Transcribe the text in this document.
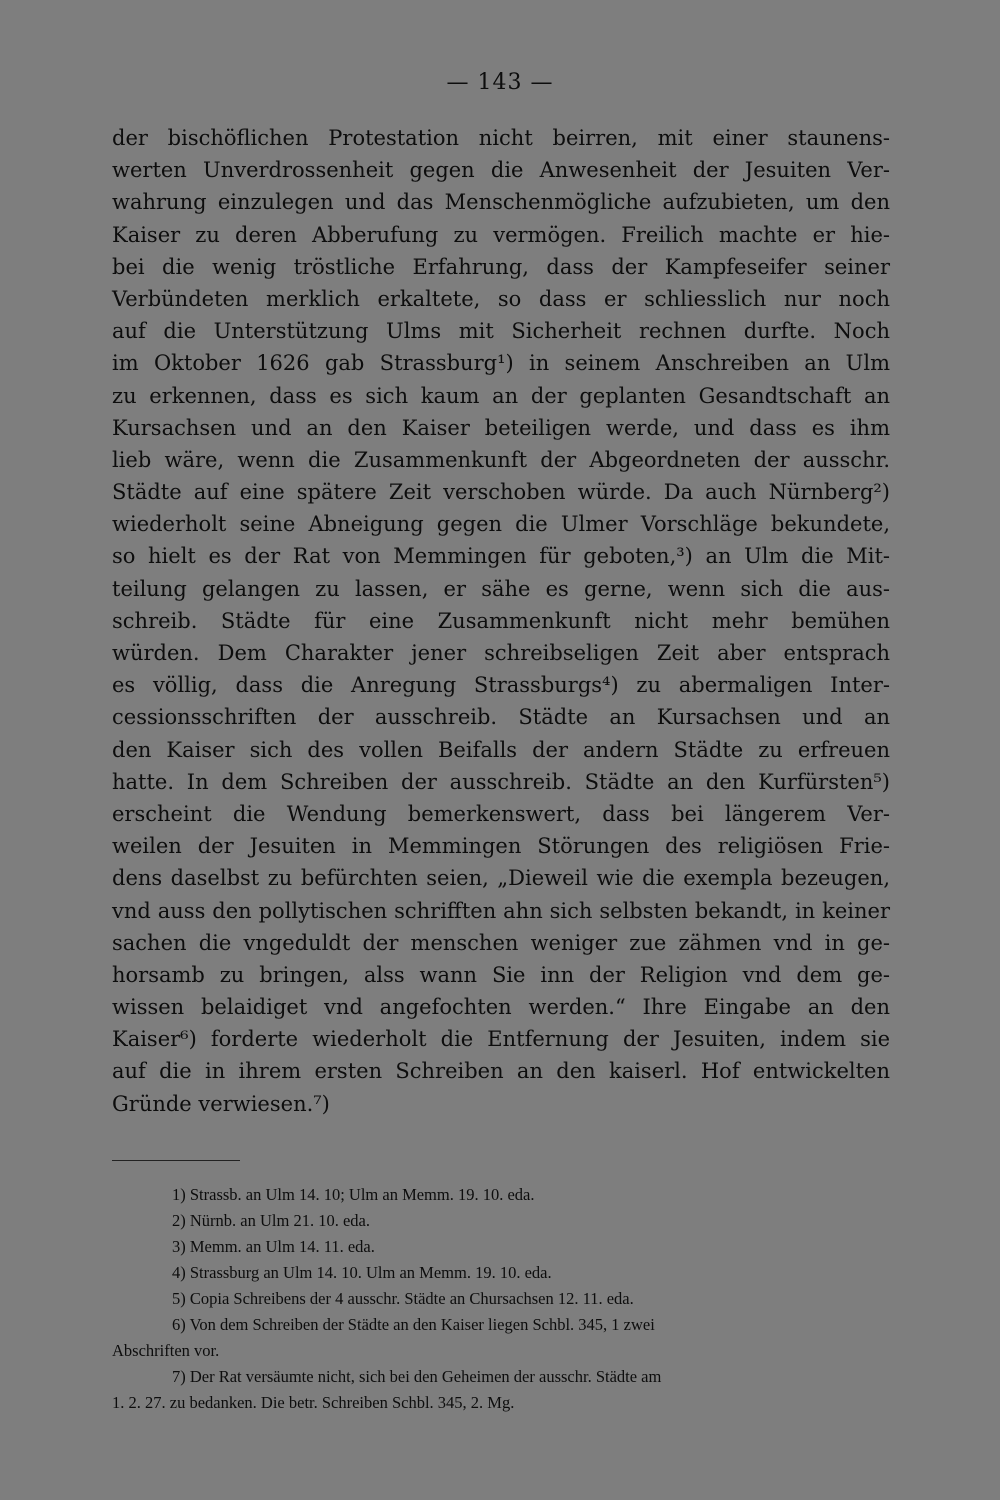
— 143 —
der bischöflichen Protestation nicht beirren, mit einer staunens-
werten Unverdrossenheit gegen die Anwesenheit der Jesuiten Ver-
wahrung einzulegen und das Menschenmögliche aufzubieten, um den
Kaiser zu deren Abberufung zu vermögen. Freilich machte er hie-
bei die wenig tröstliche Erfahrung, dass der Kampfeseifer seiner
Verbündeten merklich erkaltete, so dass er schliesslich nur noch
auf die Unterstützung Ulms mit Sicherheit rechnen durfte. Noch
im Oktober 1626 gab Strassburg¹) in seinem Anschreiben an Ulm
zu erkennen, dass es sich kaum an der geplanten Gesandtschaft an
Kursachsen und an den Kaiser beteiligen werde, und dass es ihm
lieb wäre, wenn die Zusammenkunft der Abgeordneten der ausschr.
Städte auf eine spätere Zeit verschoben würde. Da auch Nürnberg²)
wiederholt seine Abneigung gegen die Ulmer Vorschläge bekundete,
so hielt es der Rat von Memmingen für geboten,³) an Ulm die Mit-
teilung gelangen zu lassen, er sähe es gerne, wenn sich die aus-
schreib. Städte für eine Zusammenkunft nicht mehr bemühen
würden. Dem Charakter jener schreibseligen Zeit aber entsprach
es völlig, dass die Anregung Strassburgs⁴) zu abermaligen Inter-
cessionsschriften der ausschreib. Städte an Kursachsen und an
den Kaiser sich des vollen Beifalls der andern Städte zu erfreuen
hatte. In dem Schreiben der ausschreib. Städte an den Kurfürsten⁵)
erscheint die Wendung bemerkenswert, dass bei längerem Ver-
weilen der Jesuiten in Memmingen Störungen des religiösen Frie-
dens daselbst zu befürchten seien, „Dieweil wie die exempla bezeugen,
vnd auss den pollytischen schrifften ahn sich selbsten bekandt, in keiner
sachen die vngeduldt der menschen weniger zue zähmen vnd in ge-
horsamb zu bringen, alss wann Sie inn der Religion vnd dem ge-
wissen belaidiget vnd angefochten werden.“ Ihre Eingabe an den
Kaiser⁶) forderte wiederholt die Entfernung der Jesuiten, indem sie
auf die in ihrem ersten Schreiben an den kaiserl. Hof entwickelten
Gründe verwiesen.⁷)
1) Strassb. an Ulm 14. 10; Ulm an Memm. 19. 10. eda.
2) Nürnb. an Ulm 21. 10. eda.
3) Memm. an Ulm 14. 11. eda.
4) Strassburg an Ulm 14. 10. Ulm an Memm. 19. 10. eda.
5) Copia Schreibens der 4 ausschr. Städte an Chursachsen 12. 11. eda.
6) Von dem Schreiben der Städte an den Kaiser liegen Schbl. 345, 1 zwei
Abschriften vor.
7) Der Rat versäumte nicht, sich bei den Geheimen der ausschr. Städte am
1. 2. 27. zu bedanken. Die betr. Schreiben Schbl. 345, 2. Mg.
